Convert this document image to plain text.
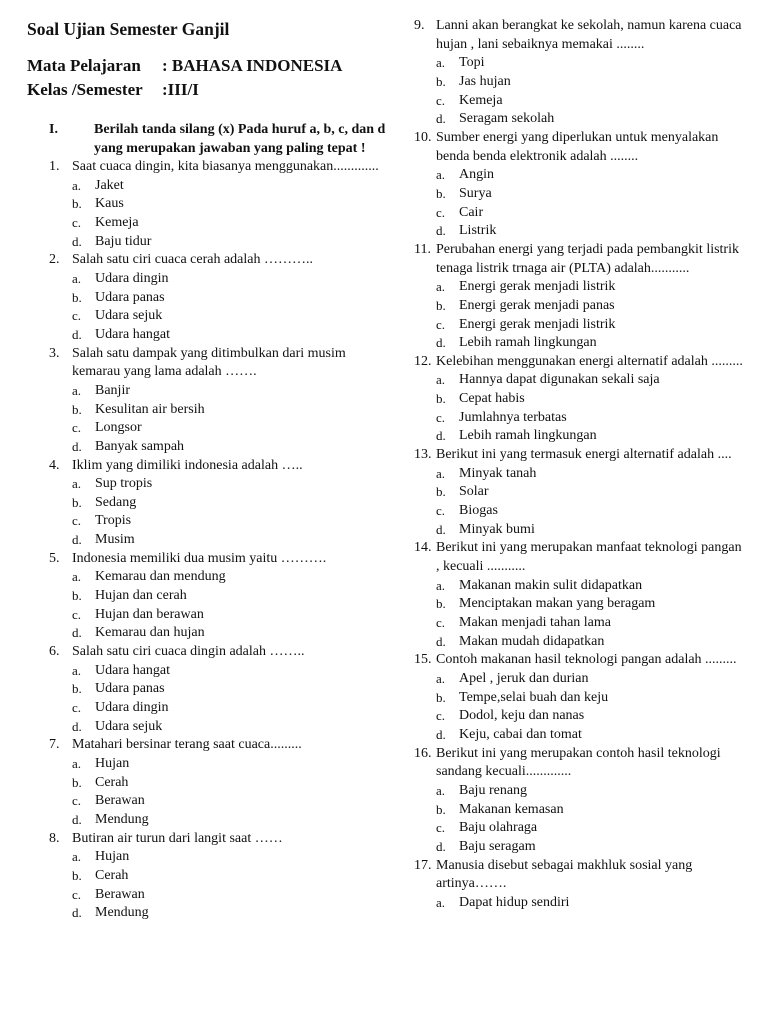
Soal Ujian Semester Ganjil
Mata Pelajaran : BAHASA INDONESIA
Kelas /Semester :III/I
I.	Berilah tanda silang (x) Pada huruf a, b, c, dan d yang merupakan jawaban yang paling tepat !
1. Saat cuaca dingin, kita biasanya menggunakan.............
a. Jaket
b. Kaus
c. Kemeja
d. Baju tidur
2. Salah satu ciri cuaca cerah adalah ………..
a. Udara dingin
b. Udara panas
c. Udara sejuk
d. Udara hangat
3. Salah satu dampak yang ditimbulkan dari musim kemarau yang lama adalah …….
a. Banjir
b. Kesulitan air bersih
c. Longsor
d. Banyak sampah
4. Iklim yang dimiliki indonesia adalah …..
a. Sup tropis
b. Sedang
c. Tropis
d. Musim
5. Indonesia memiliki dua musim yaitu ……….
a. Kemarau dan mendung
b. Hujan dan cerah
c. Hujan dan berawan
d. Kemarau dan hujan
6. Salah satu ciri cuaca dingin adalah ……..
a. Udara hangat
b. Udara panas
c. Udara dingin
d. Udara sejuk
7. Matahari bersinar terang saat cuaca.........
a. Hujan
b. Cerah
c. Berawan
d. Mendung
8. Butiran air turun dari langit saat ……
a. Hujan
b. Cerah
c. Berawan
d. Mendung
9. Lanni akan berangkat ke sekolah, namun karena cuaca hujan , lani sebaiknya memakai ........
a. Topi
b. Jas hujan
c. Kemeja
d. Seragam sekolah
10. Sumber energi yang diperlukan untuk menyalakan benda benda elektronik adalah ........
a. Angin
b. Surya
c. Cair
d. Listrik
11. Perubahan energi yang terjadi pada pembangkit listrik tenaga listrik trnaga air (PLTA) adalah...........
a. Energi gerak menjadi listrik
b. Energi gerak menjadi panas
c. Energi gerak menjadi listrik
d. Lebih ramah lingkungan
12. Kelebihan menggunakan energi alternatif adalah .........
a. Hannya dapat digunakan sekali saja
b. Cepat habis
c. Jumlahnya terbatas
d. Lebih ramah lingkungan
13. Berikut ini yang termasuk energi alternatif adalah ....
a. Minyak tanah
b. Solar
c. Biogas
d. Minyak bumi
14. Berikut ini yang merupakan manfaat teknologi pangan , kecuali ...........
a. Makanan makin sulit didapatkan
b. Menciptakan makan yang beragam
c. Makan menjadi tahan lama
d. Makan mudah didapatkan
15. Contoh makanan hasil teknologi pangan adalah .........
a. Apel , jeruk dan durian
b. Tempe,selai buah dan keju
c. Dodol, keju dan nanas
d. Keju, cabai dan tomat
16. Berikut ini yang merupakan contoh hasil teknologi sandang kecuali.............
a. Baju renang
b. Makanan kemasan
c. Baju olahraga
d. Baju seragam
17. Manusia disebut sebagai makhluk sosial yang artinya…….
a. Dapat hidup sendiri
